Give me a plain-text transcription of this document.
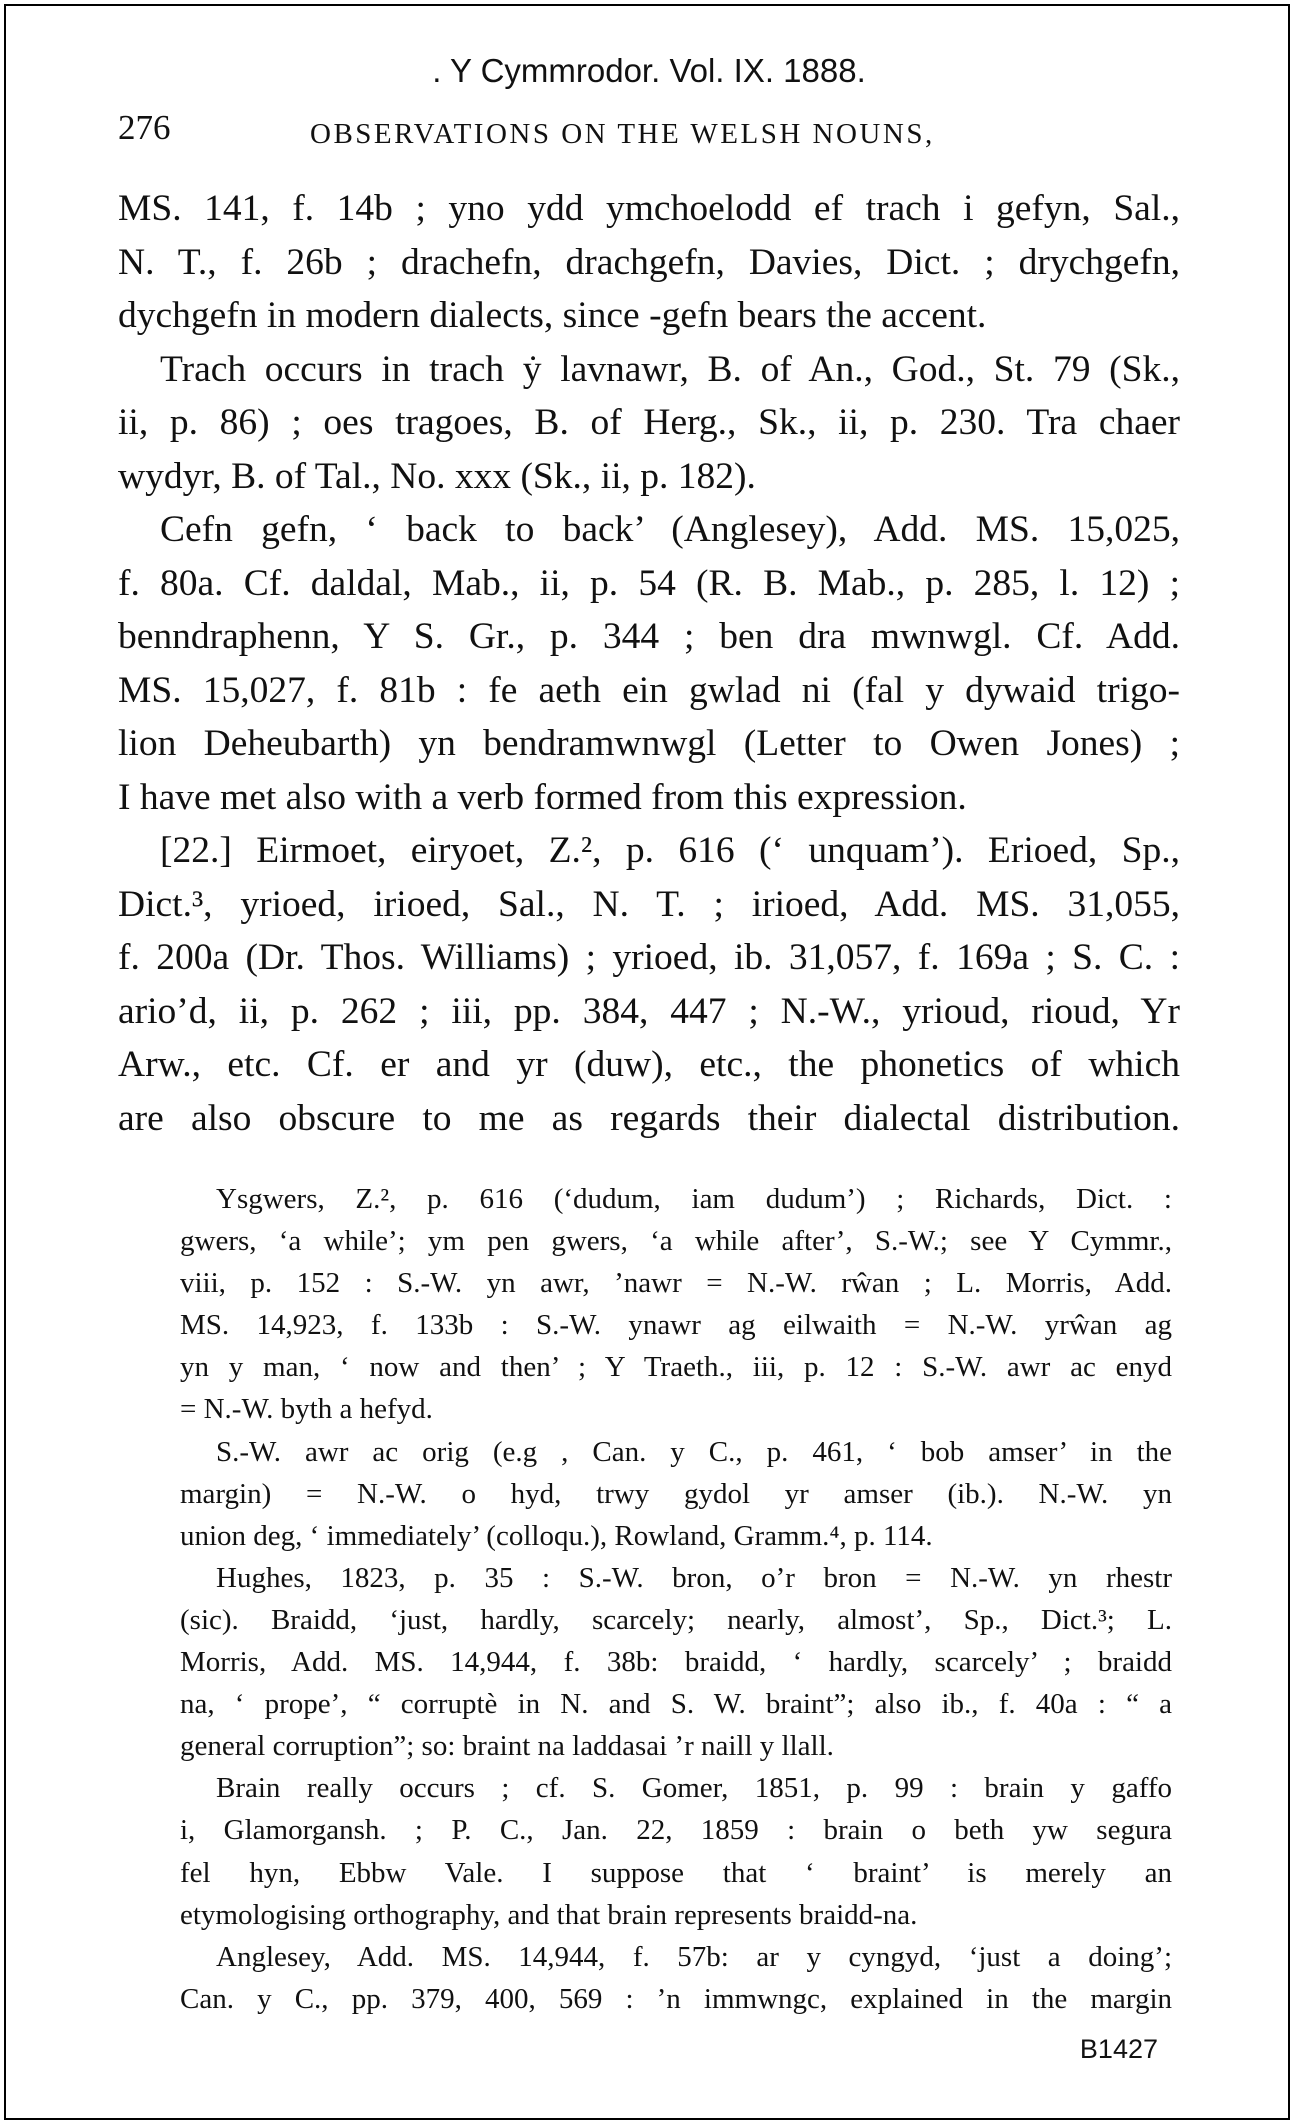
. Y Cymmrodor. Vol. IX. 1888.
276	OBSERVATIONS ON THE WELSH NOUNS,
MS. 141, f. 14b ; yno ydd ymchoelodd ef trach i gefyn, Sal.,
N. T., f. 26b ; drachefn, drachgefn, Davies, Dict. ; drychgefn,
dychgefn in modern dialects, since -gefn bears the accent.
Trach occurs in trach ẏ lavnawr, B. of An., God., St. 79 (Sk.,
ii, p. 86) ; oes tragoes, B. of Herg., Sk., ii, p. 230. Tra chaer
wydyr, B. of Tal., No. xxx (Sk., ii, p. 182).
Cefn gefn, ‘ back to back’ (Anglesey), Add. MS. 15,025,
f. 80a. Cf. daldal, Mab., ii, p. 54 (R. B. Mab., p. 285, l. 12) ;
benndraphenn, Y S. Gr., p. 344 ; ben dra mwnwgl. Cf. Add.
MS. 15,027, f. 81b : fe aeth ein gwlad ni (fal y dywaid trigo-
lion Deheubarth) yn bendramwnwgl (Letter to Owen Jones) ;
I have met also with a verb formed from this expression.
[22.] Eirmoet, eiryoet, Z.², p. 616 (‘ unquam’). Erioed, Sp.,
Dict.³, yrioed, irioed, Sal., N. T. ; irioed, Add. MS. 31,055,
f. 200a (Dr. Thos. Williams) ; yrioed, ib. 31,057, f. 169a ; S. C. :
ario’d, ii, p. 262 ; iii, pp. 384, 447 ; N.-W., yrioud, rioud, Yr
Arw., etc. Cf. er and yr (duw), etc., the phonetics of which
are also obscure to me as regards their dialectal distribution.
Ysgwers, Z.², p. 616 (‘dudum, iam dudum’) ; Richards, Dict. :
gwers, ‘a while’; ym pen gwers, ‘a while after’, S.-W.; see Y Cymmr.,
viii, p. 152 : S.-W. yn awr, ’nawr = N.-W. rŵan ; L. Morris, Add.
MS. 14,923, f. 133b : S.-W. ynawr ag eilwaith = N.-W. yrŵan ag
yn y man, ‘ now and then’ ; Y Traeth., iii, p. 12 : S.-W. awr ac enyd
= N.-W. byth a hefyd.
S.-W. awr ac orig (e.g , Can. y C., p. 461, ‘ bob amser’ in the
margin) = N.-W. o hyd, trwy gydol yr amser (ib.). N.-W. yn
union deg, ‘ immediately’ (colloqu.), Rowland, Gramm.⁴, p. 114.
Hughes, 1823, p. 35 : S.-W. bron, o’r bron = N.-W. yn rhestr
(sic). Braidd, ‘just, hardly, scarcely; nearly, almost’, Sp., Dict.³; L.
Morris, Add. MS. 14,944, f. 38b: braidd, ‘ hardly, scarcely’ ; braidd
na, ‘ prope’, “ corruptè in N. and S. W. braint”; also ib., f. 40a : “ a
general corruption”; so: braint na laddasai ’r naill y llall.
Brain really occurs ; cf. S. Gomer, 1851, p. 99 : brain y gaffo
i, Glamorgansh. ; P. C., Jan. 22, 1859 : brain o beth yw segura
fel hyn, Ebbw Vale. I suppose that ‘ braint’ is merely an
etymologising orthography, and that brain represents braidd-na.
Anglesey, Add. MS. 14,944, f. 57b: ar y cyngyd, ‘just a doing’;
Can. y C., pp. 379, 400, 569 : ’n immwngc, explained in the margin
B1427
